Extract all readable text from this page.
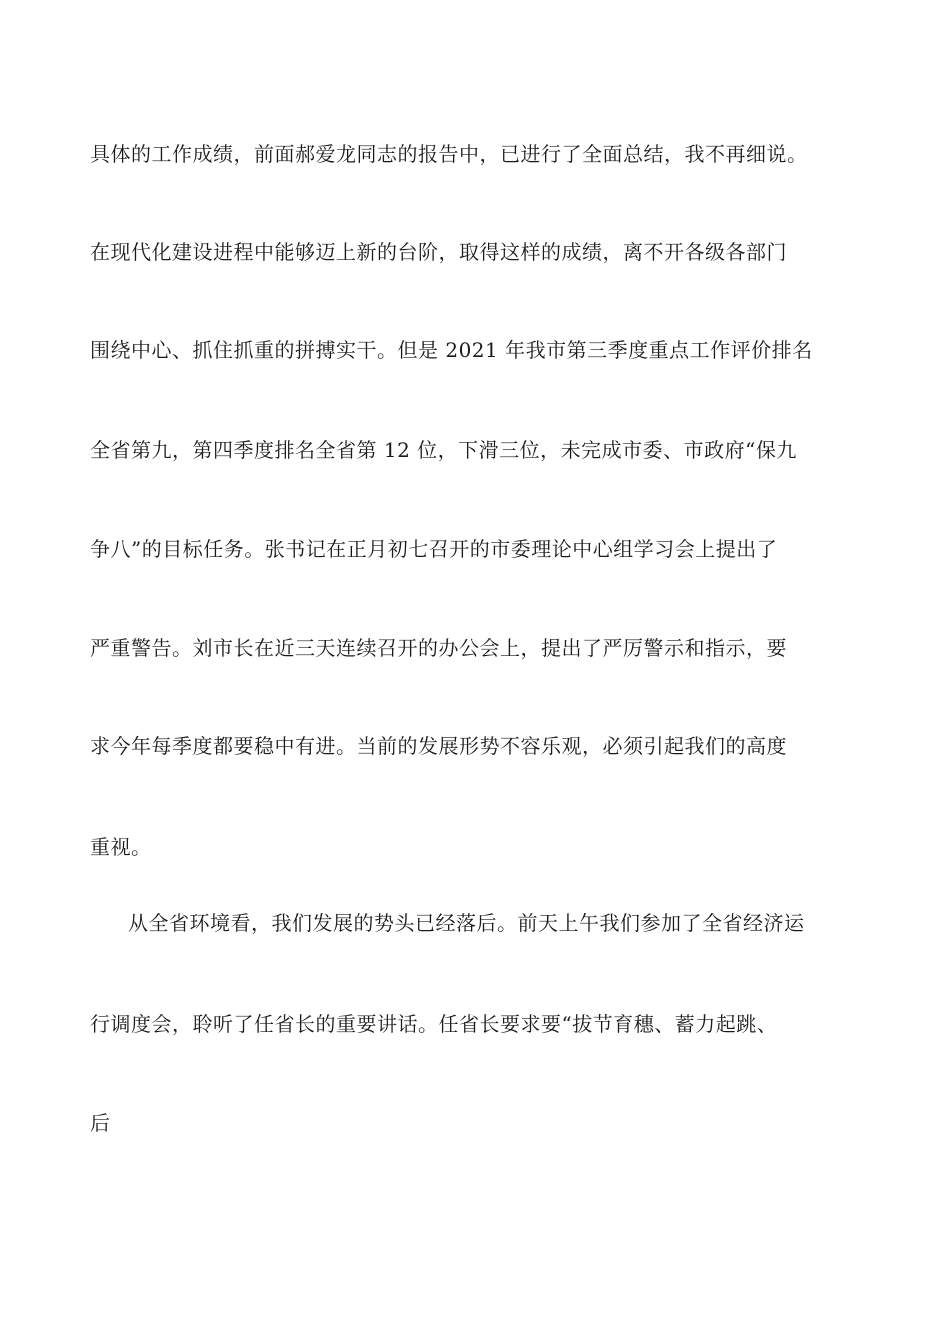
具体的工作成绩，前面郝爱龙同志的报告中，已进行了全面总结，我不再细说。
在现代化建设进程中能够迈上新的台阶，取得这样的成绩，离不开各级各部门
围绕中心、抓住抓重的拼搏实干。但是 2021 年我市第三季度重点工作评价排名
全省第九，第四季度排名全省第 12 位，下滑三位，未完成市委、市政府“保九
争八”的目标任务。张书记在正月初七召开的市委理论中心组学习会上提出了
严重警告。刘市长在近三天连续召开的办公会上，提出了严厉警示和指示，要
求今年每季度都要稳中有进。当前的发展形势不容乐观，必须引起我们的高度
重视。
从全省环境看，我们发展的势头已经落后。前天上午我们参加了全省经济运
行调度会，聆听了任省长的重要讲话。任省长要求要“拔节育穗、蓄力起跳、
后
